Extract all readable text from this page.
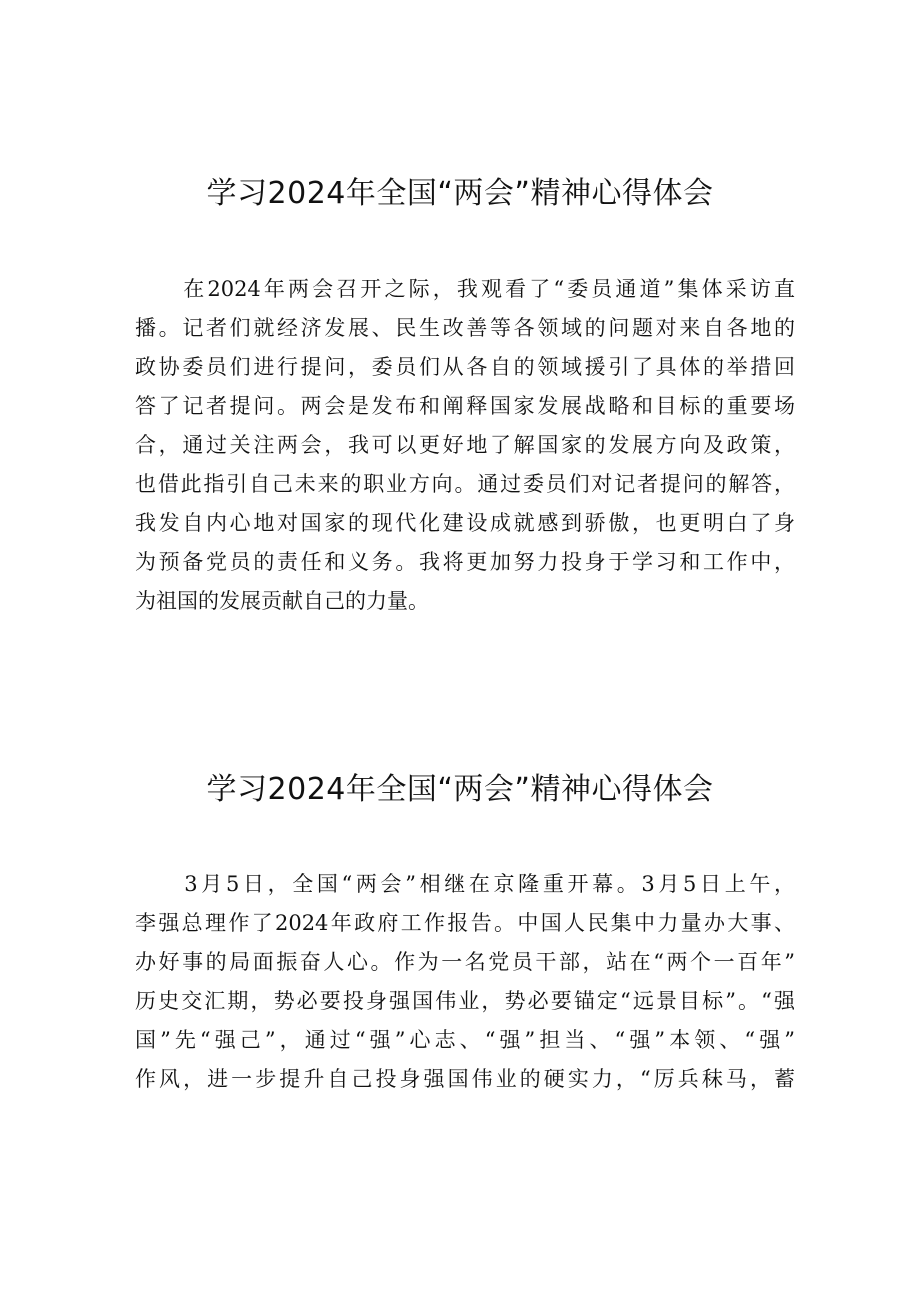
学习2024年全国“两会”精神心得体会
　　在2024年两会召开之际，我观看了“委员通道”集体采访直
播。记者们就经济发展、民生改善等各领域的问题对来自各地的
政协委员们进行提问，委员们从各自的领域援引了具体的举措回
答了记者提问。两会是发布和阐释国家发展战略和目标的重要场
合，通过关注两会，我可以更好地了解国家的发展方向及政策，
也借此指引自己未来的职业方向。通过委员们对记者提问的解答，
我发自内心地对国家的现代化建设成就感到骄傲，也更明白了身
为预备党员的责任和义务。我将更加努力投身于学习和工作中，
为祖国的发展贡献自己的力量。
学习2024年全国“两会”精神心得体会
　　3月5日，全国“两会”相继在京隆重开幕。3月5日上午，
李强总理作了2024年政府工作报告。中国人民集中力量办大事、
办好事的局面振奋人心。作为一名党员干部，站在“两个一百年”
历史交汇期，势必要投身强国伟业，势必要锚定“远景目标”。“强
国”先“强己”，通过“强”心志、“强”担当、“强”本领、“强”
作风，进一步提升自己投身强国伟业的硬实力，“厉兵秣马，蓄
